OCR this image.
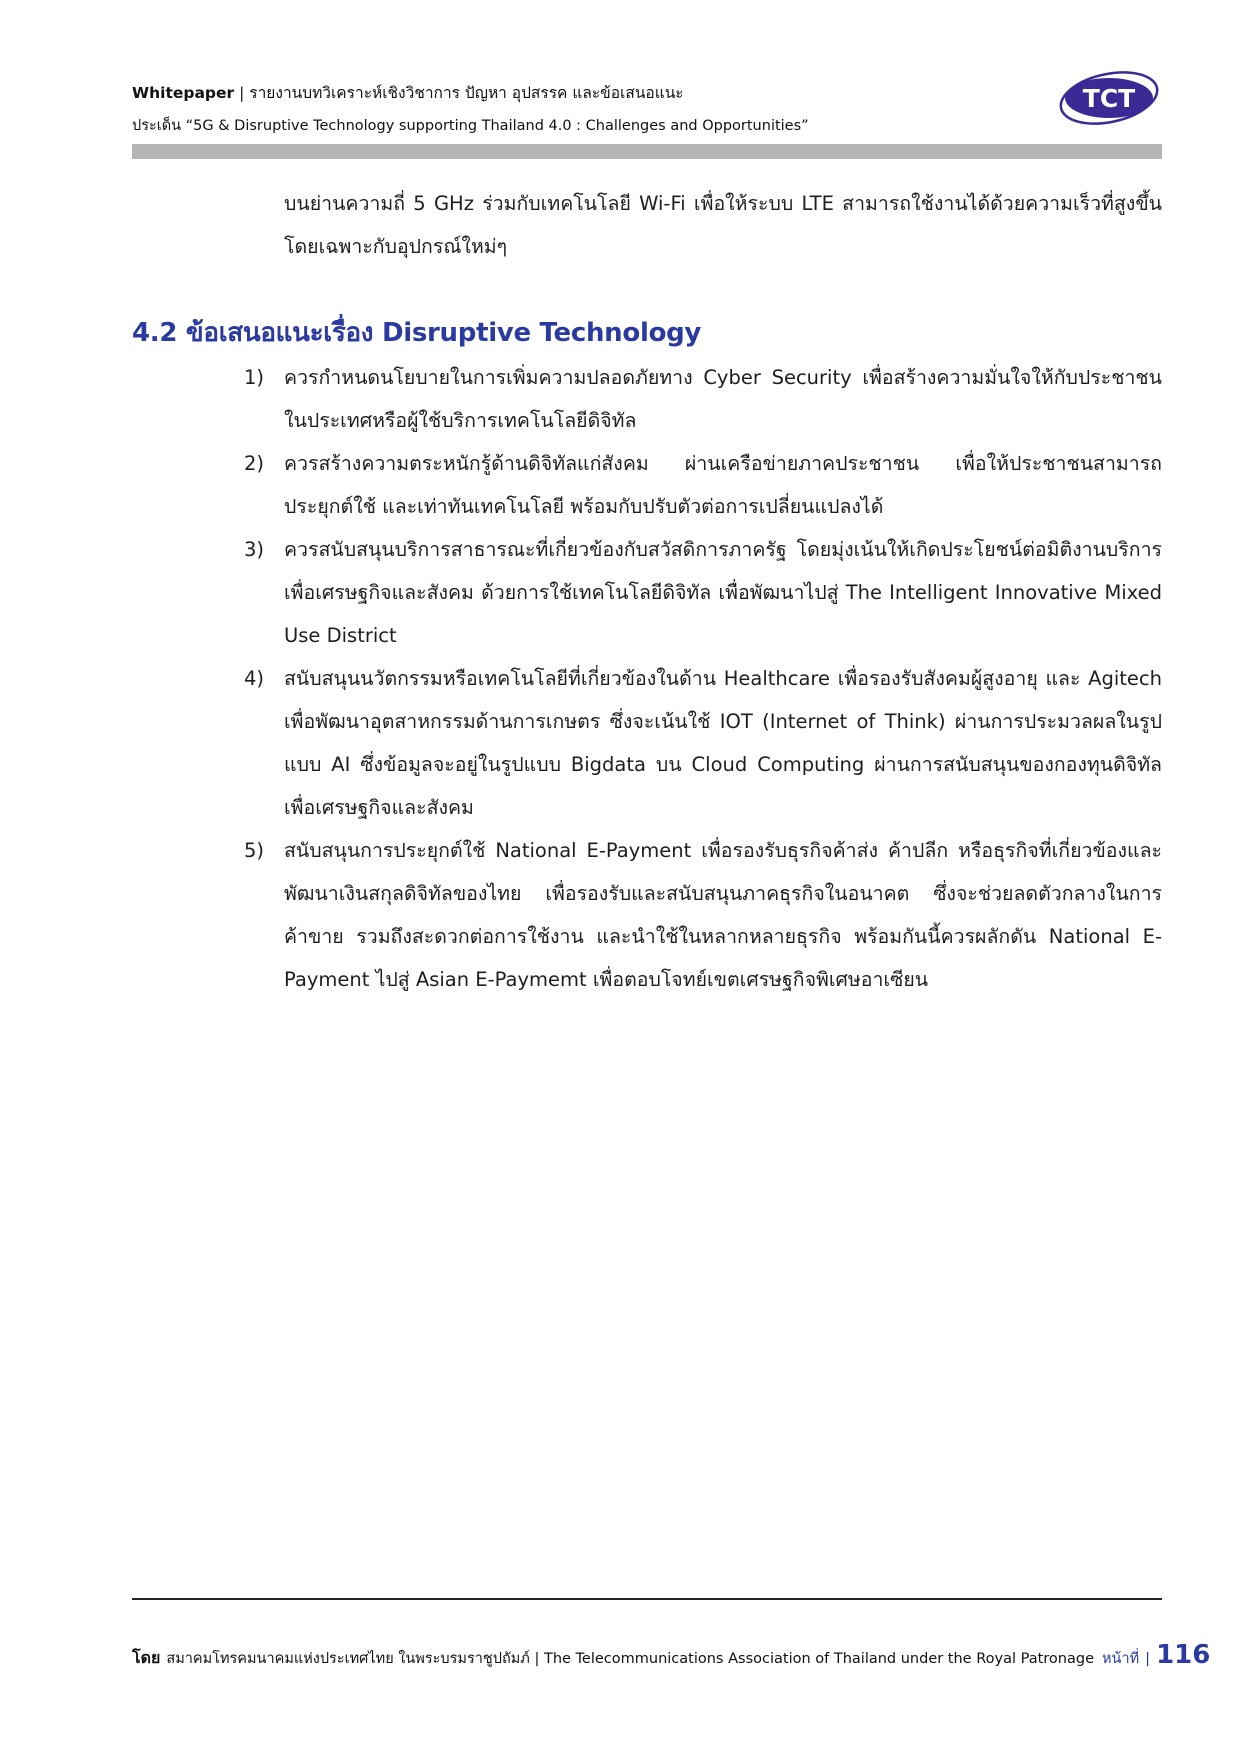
Whitepaper | รายงานบทวิเคราะห์เชิงวิชาการ ปัญหา อุปสรรค และข้อเสนอแนะ
ประเด็น “5G & Disruptive Technology supporting Thailand 4.0 : Challenges and Opportunities”
TCT
บนย่านความถี่ 5 GHz ร่วมกับเทคโนโลยี Wi-Fi เพื่อให้ระบบ LTE สามารถใช้งานได้ด้วยความเร็วที่สูงขึ้นโดยเฉพาะกับอุปกรณ์ใหม่ๆ
4.2 ข้อเสนอแนะเรื่อง Disruptive Technology
1)	ควรกำหนดนโยบายในการเพิ่มความปลอดภัยทาง Cyber Security เพื่อสร้างความมั่นใจให้กับประชาชนในประเทศหรือผู้ใช้บริการเทคโนโลยีดิจิทัล
2)	ควรสร้างความตระหนักรู้ด้านดิจิทัลแก่สังคม ผ่านเครือข่ายภาคประชาชน เพื่อให้ประชาชนสามารถประยุกต์ใช้ และเท่าทันเทคโนโลยี พร้อมกับปรับตัวต่อการเปลี่ยนแปลงได้
3)	ควรสนับสนุนบริการสาธารณะที่เกี่ยวข้องกับสวัสดิการภาครัฐ โดยมุ่งเน้นให้เกิดประโยชน์ต่อมิติงานบริการเพื่อเศรษฐกิจและสังคม ด้วยการใช้เทคโนโลยีดิจิทัล เพื่อพัฒนาไปสู่ The Intelligent Innovative Mixed Use District
4)	สนับสนุนนวัตกรรมหรือเทคโนโลยีที่เกี่ยวข้องในด้าน Healthcare เพื่อรองรับสังคมผู้สูงอายุ และ Agitech เพื่อพัฒนาอุตสาหกรรมด้านการเกษตร ซึ่งจะเน้นใช้ IOT (Internet of Think) ผ่านการประมวลผลในรูปแบบ AI ซึ่งข้อมูลจะอยู่ในรูปแบบ Bigdata บน Cloud Computing ผ่านการสนับสนุนของกองทุนดิจิทัลเพื่อเศรษฐกิจและสังคม
5)	สนับสนุนการประยุกต์ใช้ National E-Payment เพื่อรองรับธุรกิจค้าส่ง ค้าปลีก หรือธุรกิจที่เกี่ยวข้องและพัฒนาเงินสกุลดิจิทัลของไทย เพื่อรองรับและสนับสนุนภาคธุรกิจในอนาคต ซึ่งจะช่วยลดตัวกลางในการค้าขาย รวมถึงสะดวกต่อการใช้งาน และนำใช้ในหลากหลายธุรกิจ พร้อมกันนี้ควรผลักดัน National E-Payment ไปสู่ Asian E-Paymemt เพื่อตอบโจทย์เขตเศรษฐกิจพิเศษอาเซียน
โดย สมาคมโทรคมนาคมแห่งประเทศไทย ในพระบรมราชูปถัมภ์ | The Telecommunications Association of Thailand under the Royal Patronage หน้าที่ | 116
